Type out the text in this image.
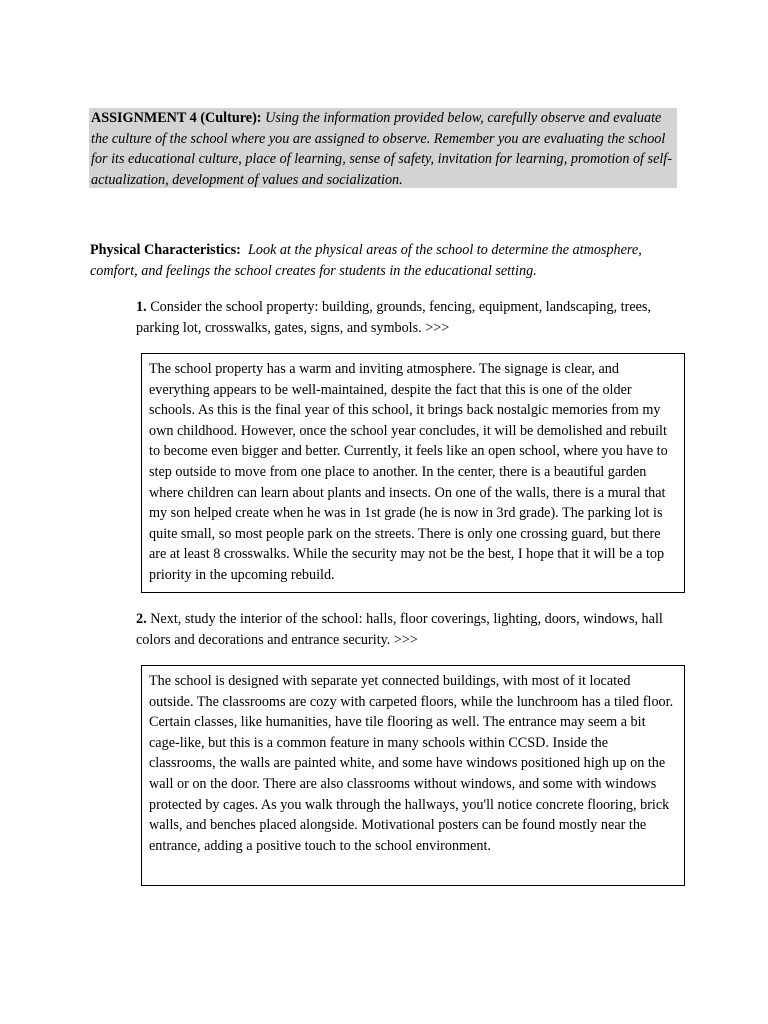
ASSIGNMENT 4 (Culture): Using the information provided below, carefully observe and evaluate the culture of the school where you are assigned to observe. Remember you are evaluating the school for its educational culture, place of learning, sense of safety, invitation for learning, promotion of self-actualization, development of values and socialization.
Physical Characteristics: Look at the physical areas of the school to determine the atmosphere, comfort, and feelings the school creates for students in the educational setting.
1. Consider the school property: building, grounds, fencing, equipment, landscaping, trees, parking lot, crosswalks, gates, signs, and symbols. >>>
The school property has a warm and inviting atmosphere. The signage is clear, and everything appears to be well-maintained, despite the fact that this is one of the older schools. As this is the final year of this school, it brings back nostalgic memories from my own childhood. However, once the school year concludes, it will be demolished and rebuilt to become even bigger and better. Currently, it feels like an open school, where you have to step outside to move from one place to another. In the center, there is a beautiful garden where children can learn about plants and insects. On one of the walls, there is a mural that my son helped create when he was in 1st grade (he is now in 3rd grade). The parking lot is quite small, so most people park on the streets. There is only one crossing guard, but there are at least 8 crosswalks. While the security may not be the best, I hope that it will be a top priority in the upcoming rebuild.
2. Next, study the interior of the school: halls, floor coverings, lighting, doors, windows, hall colors and decorations and entrance security. >>>
The school is designed with separate yet connected buildings, with most of it located outside. The classrooms are cozy with carpeted floors, while the lunchroom has a tiled floor. Certain classes, like humanities, have tile flooring as well. The entrance may seem a bit cage-like, but this is a common feature in many schools within CCSD. Inside the classrooms, the walls are painted white, and some have windows positioned high up on the wall or on the door. There are also classrooms without windows, and some with windows protected by cages. As you walk through the hallways, you'll notice concrete flooring, brick walls, and benches placed alongside. Motivational posters can be found mostly near the entrance, adding a positive touch to the school environment.
